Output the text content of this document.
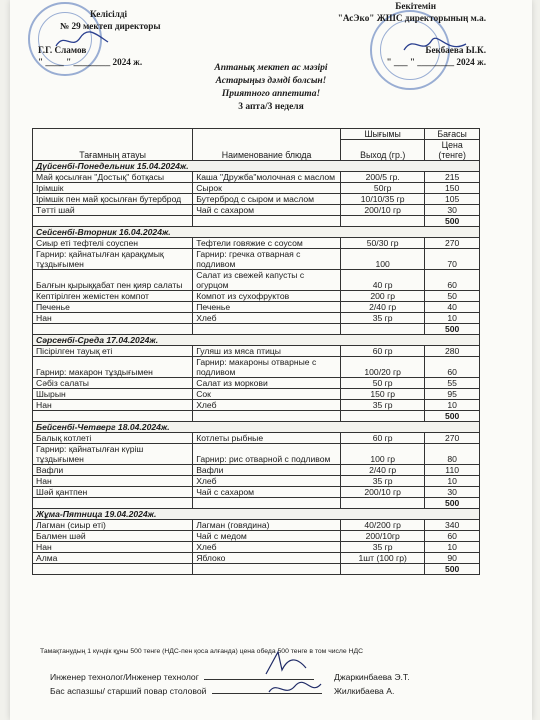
Келісілді
№ 29 мектеп директоры
Г.Г. Сламов
" ____ " ________ 2024 ж.
Бекітемін
"АсЭко" ЖШС директорының м.а.
Бекбаева Ы.К.
" ___ " ________ 2024 ж.
Аптанық мектеп ас мәзірі
Астарыңыз дәмді болсын!
Приятного аппетита!
3 апта/3 неделя
Тағамның атауы	Наименование блюда	Шығымы	Бағасы
		Выход (гр.)	Цена (тенге)
Дүйсенбі-Понедельник 15.04.2024ж.			
Май қосылған "Достық" ботқасы	Каша "Дружба"молочная с маслом	200/5 гр.	215
Ірімшік	Сырок	50гр	150
Ірімшік пен май қосылған бутерброд	Бутерброд с сыром и маслом	10/10/35 гр	105
Тәтті шай	Чай с сахаром	200/10 гр	30
			500
Сейсенбі-Вторник 16.04.2024ж.			
Сиыр еті тефтелі соуспен	Тефтели говяжие с соусом	50/30 гр	270
Гарнир: қайнатылған қарақұмық тұздығымен	Гарнир: гречка отварная с подливом	100	70
Балғын қырыққабат пен қияр салаты	Салат из свежей капусты с огурцом	40 гр	60
Кептірілген жемістен компот	Компот из сухофруктов	200 гр	50
Печенье	Печенье	2/40 гр	40
Нан	Хлеб	35 гр	10
			500
Сәрсенбі-Среда 17.04.2024ж.			
Пісірілген тауық еті	Гуляш из мяса птицы	60 гр	280
Гарнир: макарон тұздығымен	Гарнир: макароны отварные с подливом	100/20 гр	60
Сәбіз салаты	Салат из моркови	50 гр	55
Шырын	Сок	150 гр	95
Нан	Хлеб	35 гр	10
			500
Бейсенбі-Четверг 18.04.2024ж.			
Балық котлеті	Котлеты рыбные	60 гр	270
Гарнир: қайнатылған күріш тұздығымен	Гарнир: рис отварной с подливом	100 гр	80
Вафли	Вафли	2/40 гр	110
Нан	Хлеб	35 гр	10
Шәй қантпен	Чай с сахаром	200/10 гр	30
			500
Жұма-Пятница 19.04.2024ж.			
Лагман (сиыр еті)	Лагман (говядина)	40/200 гр	340
Балмен шәй	Чай с медом	200/10гр	60
Нан	Хлеб	35 гр	10
Алма	Яблоко	1шт (100 гр)	90
			500
Тамақтанудың 1 күндік құны 500 тенге (НДС-пен қоса алғанда) цена обеда 500 тенге в том числе НДС
Инженер технолог/Инженер технолог	Джаркинбаева Э.Т.
Бас аспазшы/ старший повар столовой	Жилкибаева А.
